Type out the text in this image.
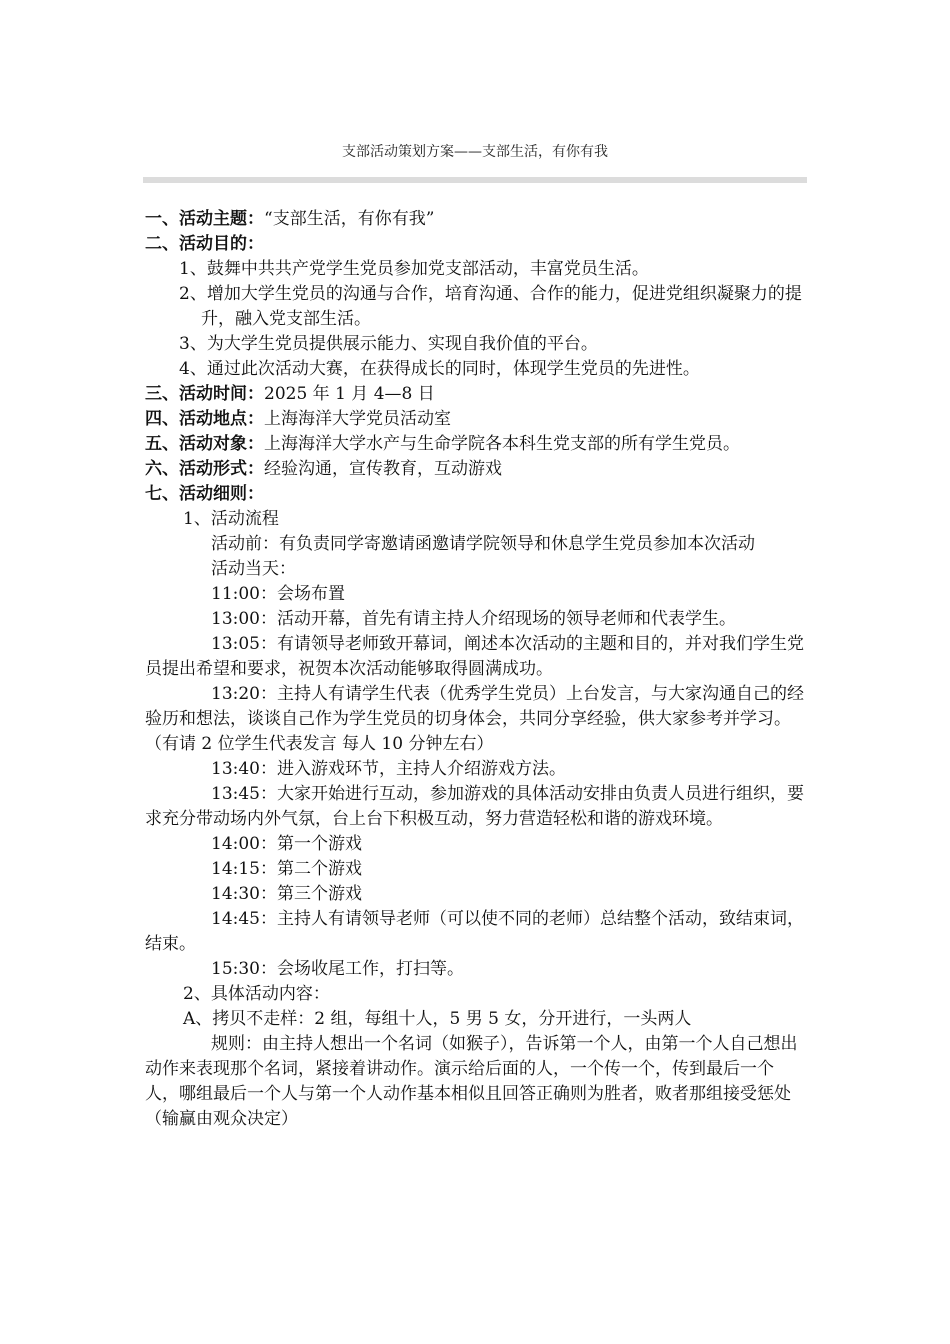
支部活动策划方案——支部生活，有你有我

一、活动主题：“支部生活，有你有我”

二、活动目的：

1、鼓舞中共共产党学生党员参加党支部活动，丰富党员生活。

2、增加大学生党员的沟通与合作，培育沟通、合作的能力，促进党组织凝聚力的提升，融入党支部生活。

3、为大学生党员提供展示能力、实现自我价值的平台。

4、通过此次活动大赛，在获得成长的同时，体现学生党员的先进性。

三、活动时间：2025 年 1 月 4—8 日

四、活动地点：上海海洋大学党员活动室

五、活动对象：上海海洋大学水产与生命学院各本科生党支部的所有学生党员。

六、活动形式：经验沟通，宣传教育，互动游戏

七、活动细则：

1、活动流程

活动前：有负责同学寄邀请函邀请学院领导和休息学生党员参加本次活动

活动当天：

11:00：会场布置

13:00：活动开幕，首先有请主持人介绍现场的领导老师和代表学生。

13:05：有请领导老师致开幕词，阐述本次活动的主题和目的，并对我们学生党员提出希望和要求，祝贺本次活动能够取得圆满成功。

13:20：主持人有请学生代表（优秀学生党员）上台发言，与大家沟通自己的经验历和想法，谈谈自己作为学生党员的切身体会，共同分享经验，供大家参考并学习。（有请 2 位学生代表发言 每人 10 分钟左右）

13:40：进入游戏环节，主持人介绍游戏方法。

13:45：大家开始进行互动，参加游戏的具体活动安排由负责人员进行组织，要求充分带动场内外气氛，台上台下积极互动，努力营造轻松和谐的游戏环境。

14:00：第一个游戏

14:15：第二个游戏

14:30：第三个游戏

14:45：主持人有请领导老师（可以使不同的老师）总结整个活动，致结束词，结束。

15:30：会场收尾工作，打扫等。

2、具体活动内容：

A、拷贝不走样：2 组，每组十人，5 男 5 女，分开进行，一头两人

规则：由主持人想出一个名词（如猴子），告诉第一个人，由第一个人自己想出动作来表现那个名词，紧接着讲动作。演示给后面的人，一个传一个，传到最后一个人，哪组最后一个人与第一个人动作基本相似且回答正确则为胜者，败者那组接受惩处（输赢由观众决定）
